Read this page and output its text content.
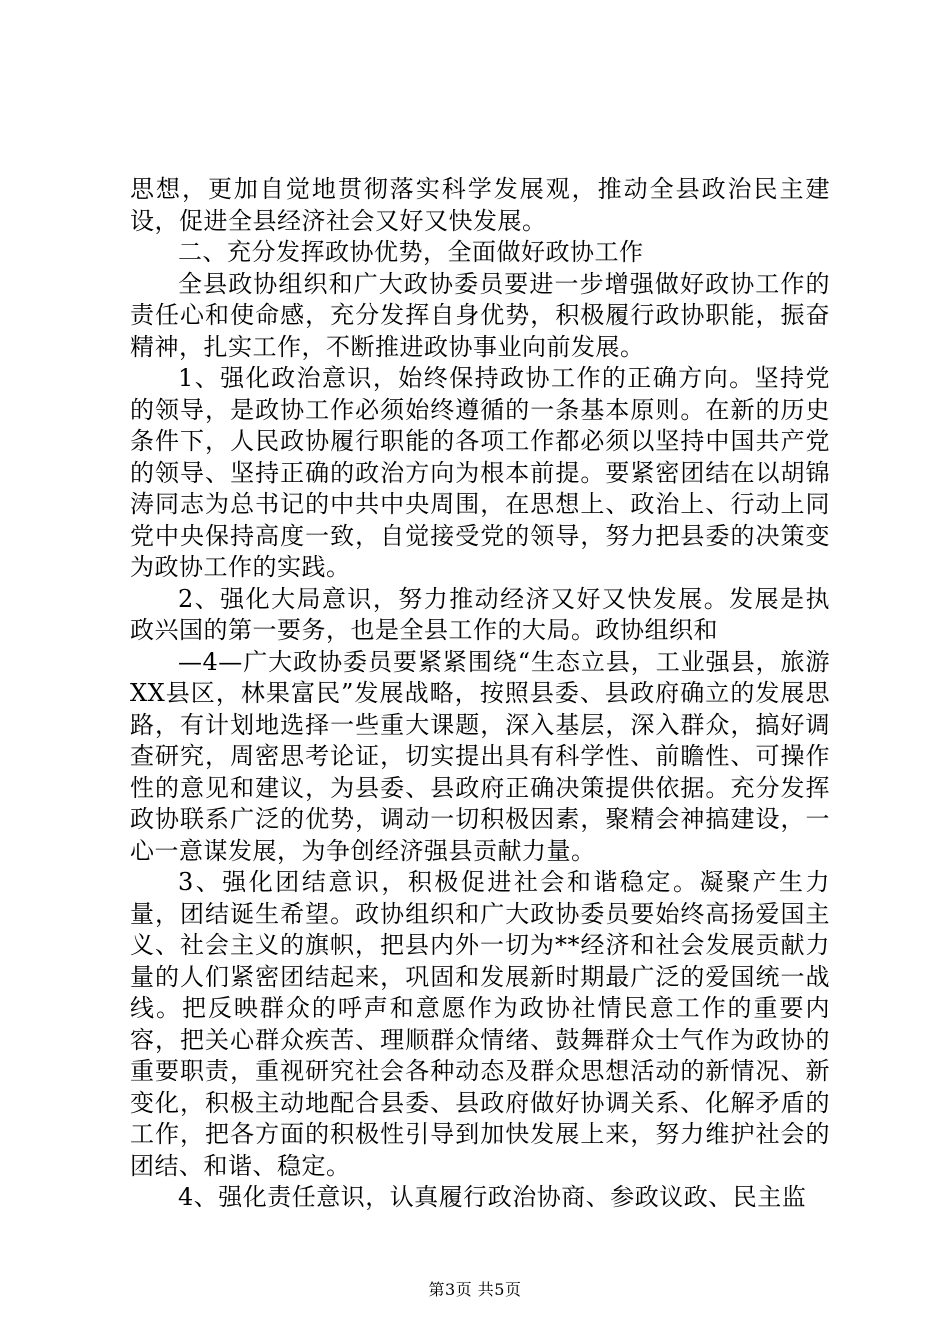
思想，更加自觉地贯彻落实科学发展观，推动全县政治民主建设，促进全县经济社会又好又快发展。

二、充分发挥政协优势，全面做好政协工作

全县政协组织和广大政协委员要进一步增强做好政协工作的责任心和使命感，充分发挥自身优势，积极履行政协职能，振奋精神，扎实工作，不断推进政协事业向前发展。

1、强化政治意识，始终保持政协工作的正确方向。坚持党的领导，是政协工作必须始终遵循的一条基本原则。在新的历史条件下，人民政协履行职能的各项工作都必须以坚持中国共产党的领导、坚持正确的政治方向为根本前提。要紧密团结在以胡锦涛同志为总书记的中共中央周围，在思想上、政治上、行动上同党中央保持高度一致，自觉接受党的领导，努力把县委的决策变为政协工作的实践。

2、强化大局意识，努力推动经济又好又快发展。发展是执政兴国的第一要务，也是全县工作的大局。政协组织和

—4—广大政协委员要紧紧围绕“生态立县，工业强县，旅游XX县区，林果富民”发展战略，按照县委、县政府确立的发展思路，有计划地选择一些重大课题，深入基层，深入群众，搞好调查研究，周密思考论证，切实提出具有科学性、前瞻性、可操作性的意见和建议，为县委、县政府正确决策提供依据。充分发挥政协联系广泛的优势，调动一切积极因素，聚精会神搞建设，一心一意谋发展，为争创经济强县贡献力量。

3、强化团结意识，积极促进社会和谐稳定。凝聚产生力量，团结诞生希望。政协组织和广大政协委员要始终高扬爱国主义、社会主义的旗帜，把县内外一切为**经济和社会发展贡献力量的人们紧密团结起来，巩固和发展新时期最广泛的爱国统一战线。把反映群众的呼声和意愿作为政协社情民意工作的重要内容，把关心群众疾苦、理顺群众情绪、鼓舞群众士气作为政协的重要职责，重视研究社会各种动态及群众思想活动的新情况、新变化，积极主动地配合县委、县政府做好协调关系、化解矛盾的工作，把各方面的积极性引导到加快发展上来，努力维护社会的团结、和谐、稳定。

4、强化责任意识，认真履行政治协商、参政议政、民主监

第3页 共5页
